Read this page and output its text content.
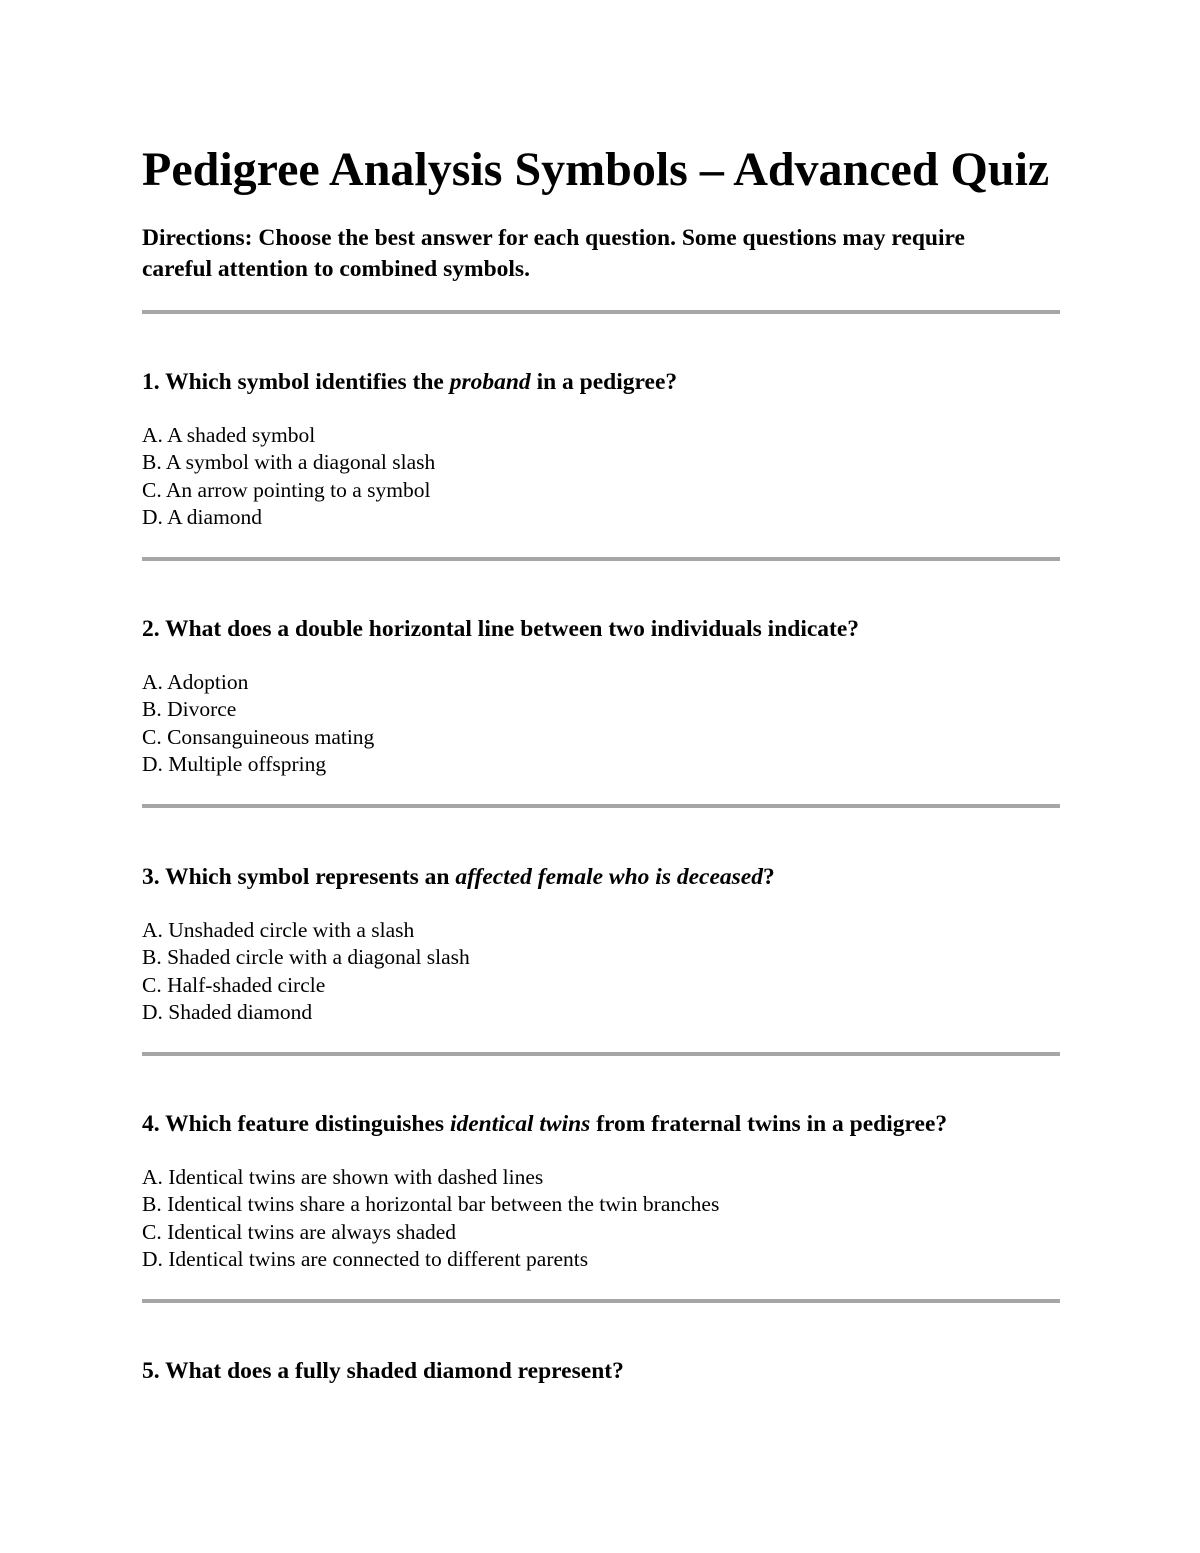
Pedigree Analysis Symbols – Advanced Quiz

Directions: Choose the best answer for each question. Some questions may require careful attention to combined symbols.

1. Which symbol identifies the proband in a pedigree?

A. A shaded symbol
B. A symbol with a diagonal slash
C. An arrow pointing to a symbol
D. A diamond

2. What does a double horizontal line between two individuals indicate?

A. Adoption
B. Divorce
C. Consanguineous mating
D. Multiple offspring

3. Which symbol represents an affected female who is deceased?

A. Unshaded circle with a slash
B. Shaded circle with a diagonal slash
C. Half-shaded circle
D. Shaded diamond

4. Which feature distinguishes identical twins from fraternal twins in a pedigree?

A. Identical twins are shown with dashed lines
B. Identical twins share a horizontal bar between the twin branches
C. Identical twins are always shaded
D. Identical twins are connected to different parents

5. What does a fully shaded diamond represent?
